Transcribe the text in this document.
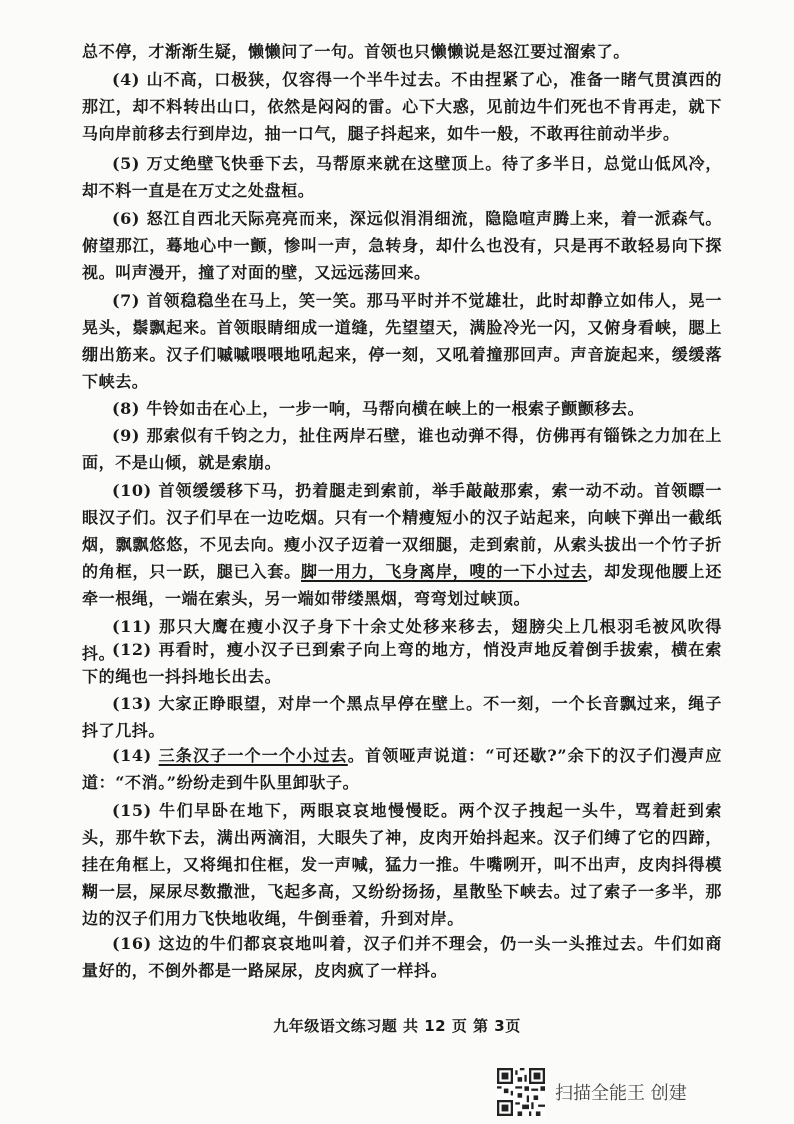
总不停，才渐渐生疑，懒懒问了一句。首领也只懒懒说是怒江要过溜索了。

(4) 山不高，口极狭，仅容得一个半牛过去。不由捏紧了心，准备一睹气贯滇西的那江，却不料转出山口，依然是闷闷的雷。心下大惑，见前边牛们死也不肯再走，就下马向岸前移去行到岸边，抽一口气，腿子抖起来，如牛一般，不敢再往前动半步。

(5) 万丈绝壁飞快垂下去，马帮原来就在这壁顶上。待了多半日，总觉山低风冷，却不料一直是在万丈之处盘桓。

(6) 怒江自西北天际亮亮而来，深远似涓涓细流，隐隐喧声腾上来，着一派森气。俯望那江，蓦地心中一颤，惨叫一声，急转身，却什么也没有，只是再不敢轻易向下探视。叫声漫开，撞了对面的壁，又远远荡回来。

(7) 首领稳稳坐在马上，笑一笑。那马平时并不觉雄壮，此时却静立如伟人，晃一晃头，鬃飘起来。首领眼睛细成一道缝，先望望天，满脸冷光一闪，又俯身看峡，腮上绷出筋来。汉子们嘁嘁喂喂地吼起来，停一刻，又吼着撞那回声。声音旋起来，缓缓落下峡去。

(8) 牛铃如击在心上，一步一响，马帮向横在峡上的一根索子颤颤移去。

(9) 那索似有千钧之力，扯住两岸石壁，谁也动弹不得，仿佛再有锱铢之力加在上面，不是山倾，就是索崩。

(10) 首领缓缓移下马，扔着腿走到索前，举手敲敲那索，索一动不动。首领瞟一眼汉子们。汉子们早在一边吃烟。只有一个精瘦短小的汉子站起来，向峡下弹出一截纸烟，飘飘悠悠，不见去向。瘦小汉子迈着一双细腿，走到索前，从索头拔出一个竹子折的角框，只一跃，腿已入套。脚一用力，飞身离岸，嗖的一下小过去，却发现他腰上还牵一根绳，一端在索头，另一端如带缕黑烟，弯弯划过峡顶。

(11) 那只大鹰在瘦小汉子身下十余丈处移来移去，翅膀尖上几根羽毛被风吹得抖。

(12) 再看时，瘦小汉子已到索子向上弯的地方，悄没声地反着倒手拔索，横在索下的绳也一抖抖地长出去。

(13) 大家正睁眼望，对岸一个黑点早停在壁上。不一刻，一个长音飘过来，绳子抖了几抖。

(14) 三条汉子一个一个小过去。首领哑声说道：“可还歇?”余下的汉子们漫声应道：“不消。”纷纷走到牛队里卸驮子。

(15) 牛们早卧在地下，两眼哀哀地慢慢眨。两个汉子拽起一头牛，骂着赶到索头，那牛软下去，满出两滴泪，大眼失了神，皮肉开始抖起来。汉子们缚了它的四蹄，挂在角框上，又将绳扣住框，发一声喊，猛力一推。牛嘴咧开，叫不出声，皮肉抖得模糊一层，屎尿尽数撒泄，飞起多高，又纷纷扬扬，星散坠下峡去。过了索子一多半，那边的汉子们用力飞快地收绳，牛倒垂着，升到对岸。

(16) 这边的牛们都哀哀地叫着，汉子们并不理会，仍一头一头推过去。牛们如商量好的，不倒外都是一路屎尿，皮肉疯了一样抖。

九年级语文练习题 共 12 页 第 3页
扫描全能王 创建
